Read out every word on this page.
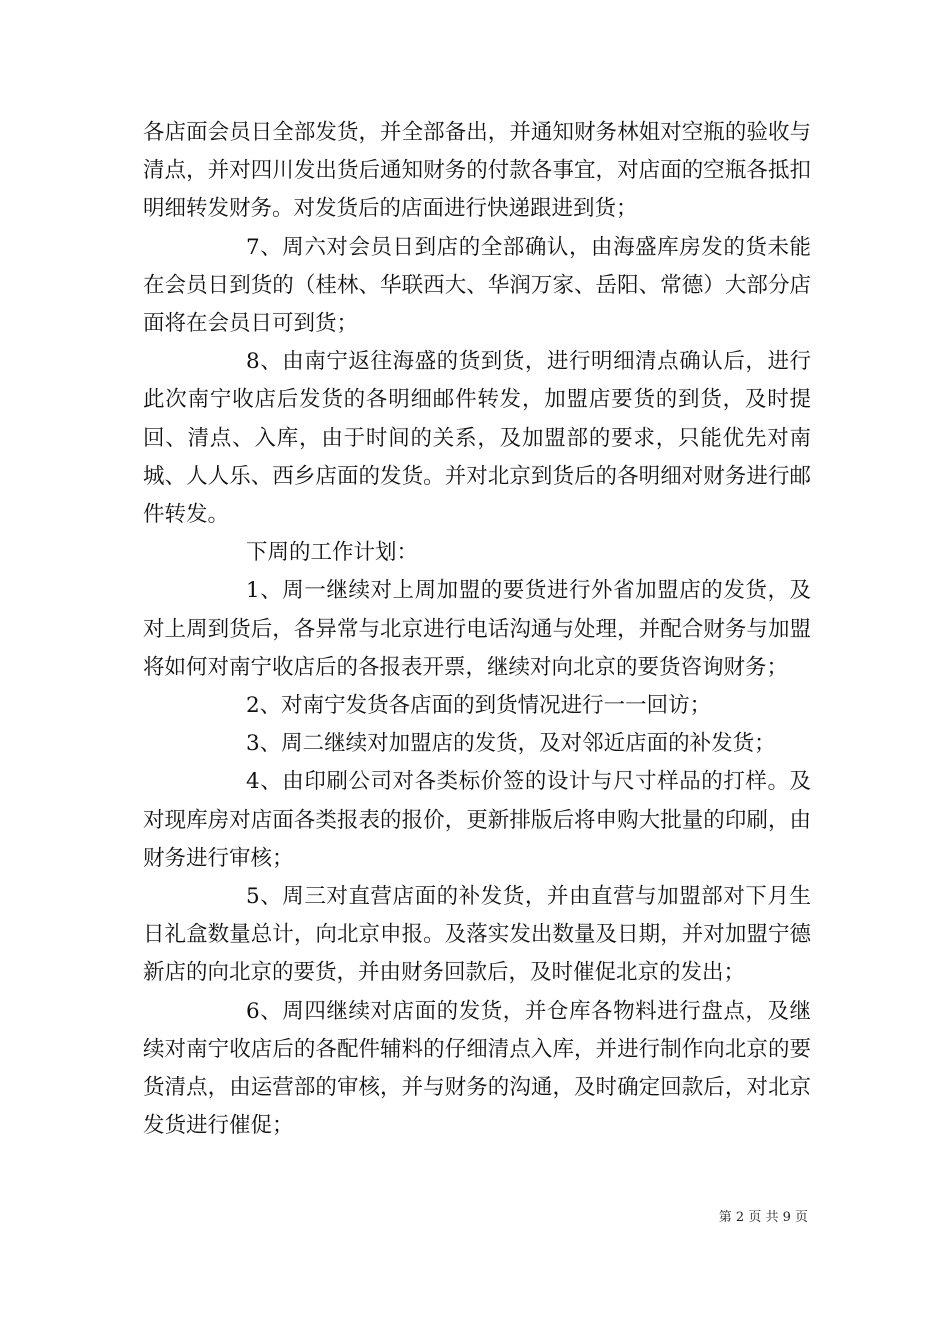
各店面会员日全部发货，并全部备出，并通知财务林姐对空瓶的验收与清点，并对四川发出货后通知财务的付款各事宜，对店面的空瓶各抵扣明细转发财务。对发货后的店面进行快递跟进到货；

7、周六对会员日到店的全部确认，由海盛库房发的货未能在会员日到货的（桂林、华联西大、华润万家、岳阳、常德）大部分店面将在会员日可到货；

8、由南宁返往海盛的货到货，进行明细清点确认后，进行此次南宁收店后发货的各明细邮件转发，加盟店要货的到货，及时提回、清点、入库，由于时间的关系，及加盟部的要求，只能优先对南城、人人乐、西乡店面的发货。并对北京到货后的各明细对财务进行邮件转发。

下周的工作计划：

1、周一继续对上周加盟的要货进行外省加盟店的发货，及对上周到货后，各异常与北京进行电话沟通与处理，并配合财务与加盟将如何对南宁收店后的各报表开票，继续对向北京的要货咨询财务；

2、对南宁发货各店面的到货情况进行一一回访；

3、周二继续对加盟店的发货，及对邻近店面的补发货；

4、由印刷公司对各类标价签的设计与尺寸样品的打样。及对现库房对店面各类报表的报价，更新排版后将申购大批量的印刷，由财务进行审核；

5、周三对直营店面的补发货，并由直营与加盟部对下月生日礼盒数量总计，向北京申报。及落实发出数量及日期，并对加盟宁德新店的向北京的要货，并由财务回款后，及时催促北京的发出；

6、周四继续对店面的发货，并仓库各物料进行盘点，及继续对南宁收店后的各配件辅料的仔细清点入库，并进行制作向北京的要货清点，由运营部的审核，并与财务的沟通，及时确定回款后，对北京发货进行催促；

第 2 页 共 9 页
